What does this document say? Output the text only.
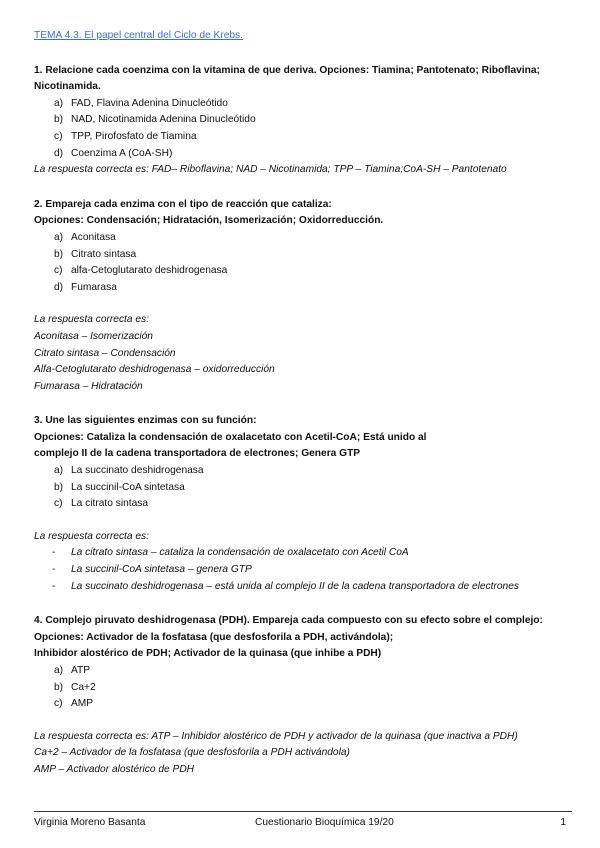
TEMA 4.3. El papel central del Ciclo de Krebs.

1. Relacione cada coenzima con la vitamina de que deriva. Opciones: Tiamina; Pantotenato; Riboflavina;

Nicotinamida.

a) FAD, Flavina Adenina Dinucleótido
b) NAD, Nicotinamida Adenina Dinucleótido
c) TPP, Pirofosfato de Tiamina
d) Coenzima A (CoA-SH)

La respuesta correcta es: FAD– Riboflavina; NAD – Nicotinamida; TPP – Tiamina;CoA-SH – Pantotenato

2. Empareja cada enzima con el tipo de reacción que cataliza:

Opciones: Condensación; Hidratación, Isomerización; Oxidorreducción.

a) Aconitasa
b) Citrato sintasa
c) alfa-Cetoglutarato deshidrogenasa
d) Fumarasa

La respuesta correcta es:

Aconitasa – Isomerización

Citrato sintasa – Condensación

Alfa-Cetoglutarato deshidrogenasa – oxidorreducción

Fumarasa – Hidratación

3. Une las siguientes enzimas con su función:

Opciones: Cataliza la condensación de oxalacetato con Acetil-CoA; Está unido al

complejo II de la cadena transportadora de electrones; Genera GTP

a) La succinato deshidrogenasa
b) La succinil-CoA sintetasa
c) La citrato sintasa

La respuesta correcta es:

- La citrato sintasa – cataliza la condensación de oxalacetato con Acetil CoA
- La succinil-CoA sintetasa – genera GTP
- La succinato deshidrogenasa – está unida al complejo II de la cadena transportadora de electrones

4. Complejo piruvato deshidrogenasa (PDH). Empareja cada compuesto con su efecto sobre el complejo:

Opciones: Activador de la fosfatasa (que desfosforila a PDH, activándola);

Inhibidor alostérico de PDH; Activador de la quinasa (que inhibe a PDH)

a) ATP
b) Ca+2
c) AMP

La respuesta correcta es: ATP – Inhibidor alostérico de PDH y activador de la quinasa (que inactiva a PDH)

Ca+2 – Activador de la fosfatasa (que desfosforila a PDH activándola)

AMP – Activador alostérico de PDH

Virginia Moreno Basanta	Cuestionario Bioquímica 19/20	1
